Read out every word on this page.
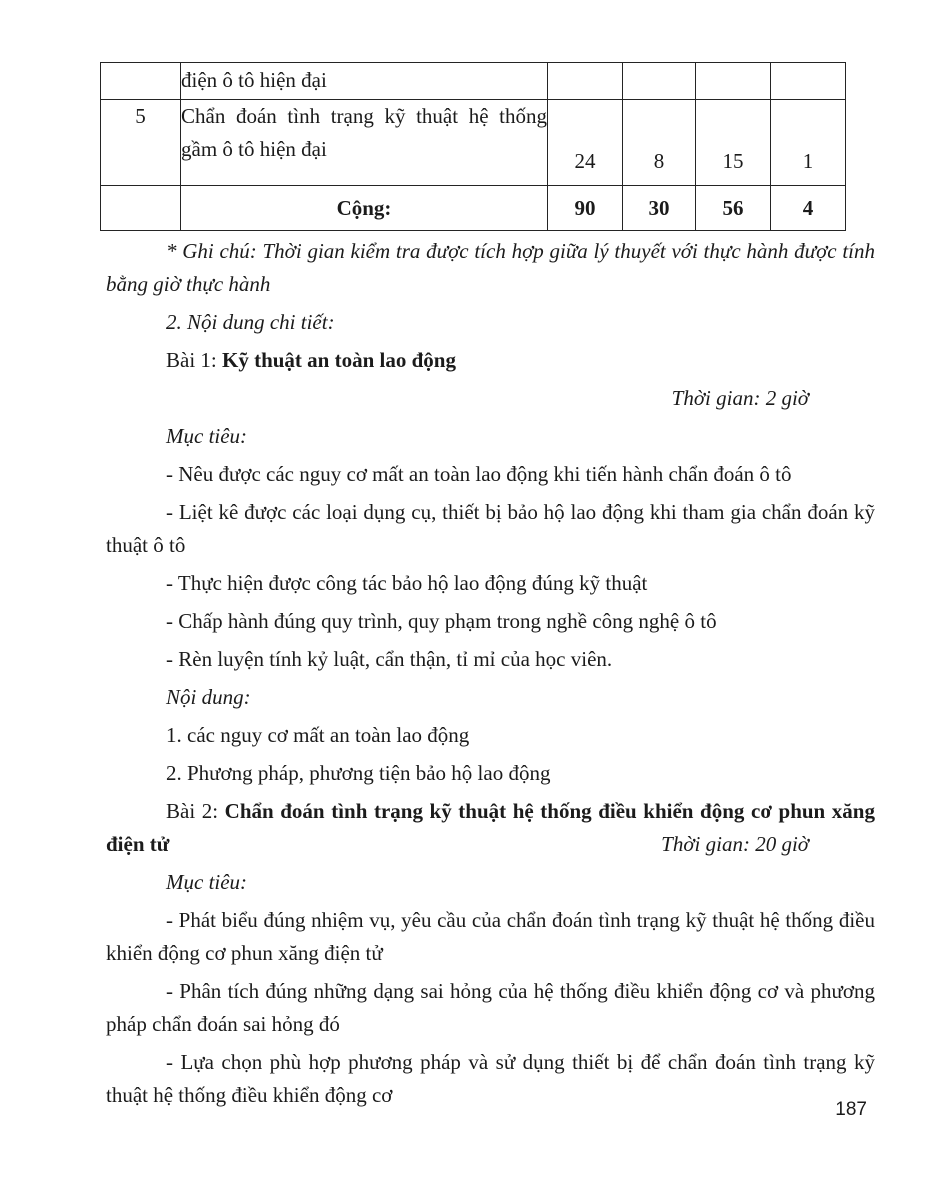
	điện ô tô hiện đại				
5	Chẩn đoán tình trạng kỹ thuật hệ thống gầm ô tô hiện đại	24	8	15	1
	Cộng:	90	30	56	4
* Ghi chú: Thời gian kiểm tra được tích hợp giữa lý thuyết với thực hành được tính bằng giờ thực hành
2. Nội dung chi tiết:
Bài 1: Kỹ thuật an toàn lao động
Thời gian: 2 giờ
Mục tiêu:
- Nêu được các nguy cơ mất an toàn lao động khi tiến hành chẩn đoán ô tô
- Liệt kê được các loại dụng cụ, thiết bị bảo hộ lao động khi tham gia chẩn đoán kỹ thuật ô tô
- Thực hiện được công tác bảo hộ lao động đúng kỹ thuật
- Chấp hành đúng quy trình, quy phạm trong nghề công nghệ ô tô
- Rèn luyện tính kỷ luật, cẩn thận, tỉ mỉ của học viên.
Nội dung:
1. các nguy cơ mất an toàn lao động
2. Phương pháp, phương tiện bảo hộ lao động
Bài 2: Chẩn đoán tình trạng kỹ thuật hệ thống điều khiển động cơ phun xăng điện tử	Thời gian: 20 giờ
Mục tiêu:
- Phát biểu đúng nhiệm vụ, yêu cầu của chẩn đoán tình trạng kỹ thuật hệ thống điều khiển động cơ phun xăng điện tử
- Phân tích đúng những dạng sai hỏng của hệ thống điều khiển động cơ và phương pháp chẩn đoán sai hỏng đó
- Lựa chọn phù hợp phương pháp và sử dụng thiết bị để chẩn đoán tình trạng kỹ thuật hệ thống điều khiển động cơ
187
